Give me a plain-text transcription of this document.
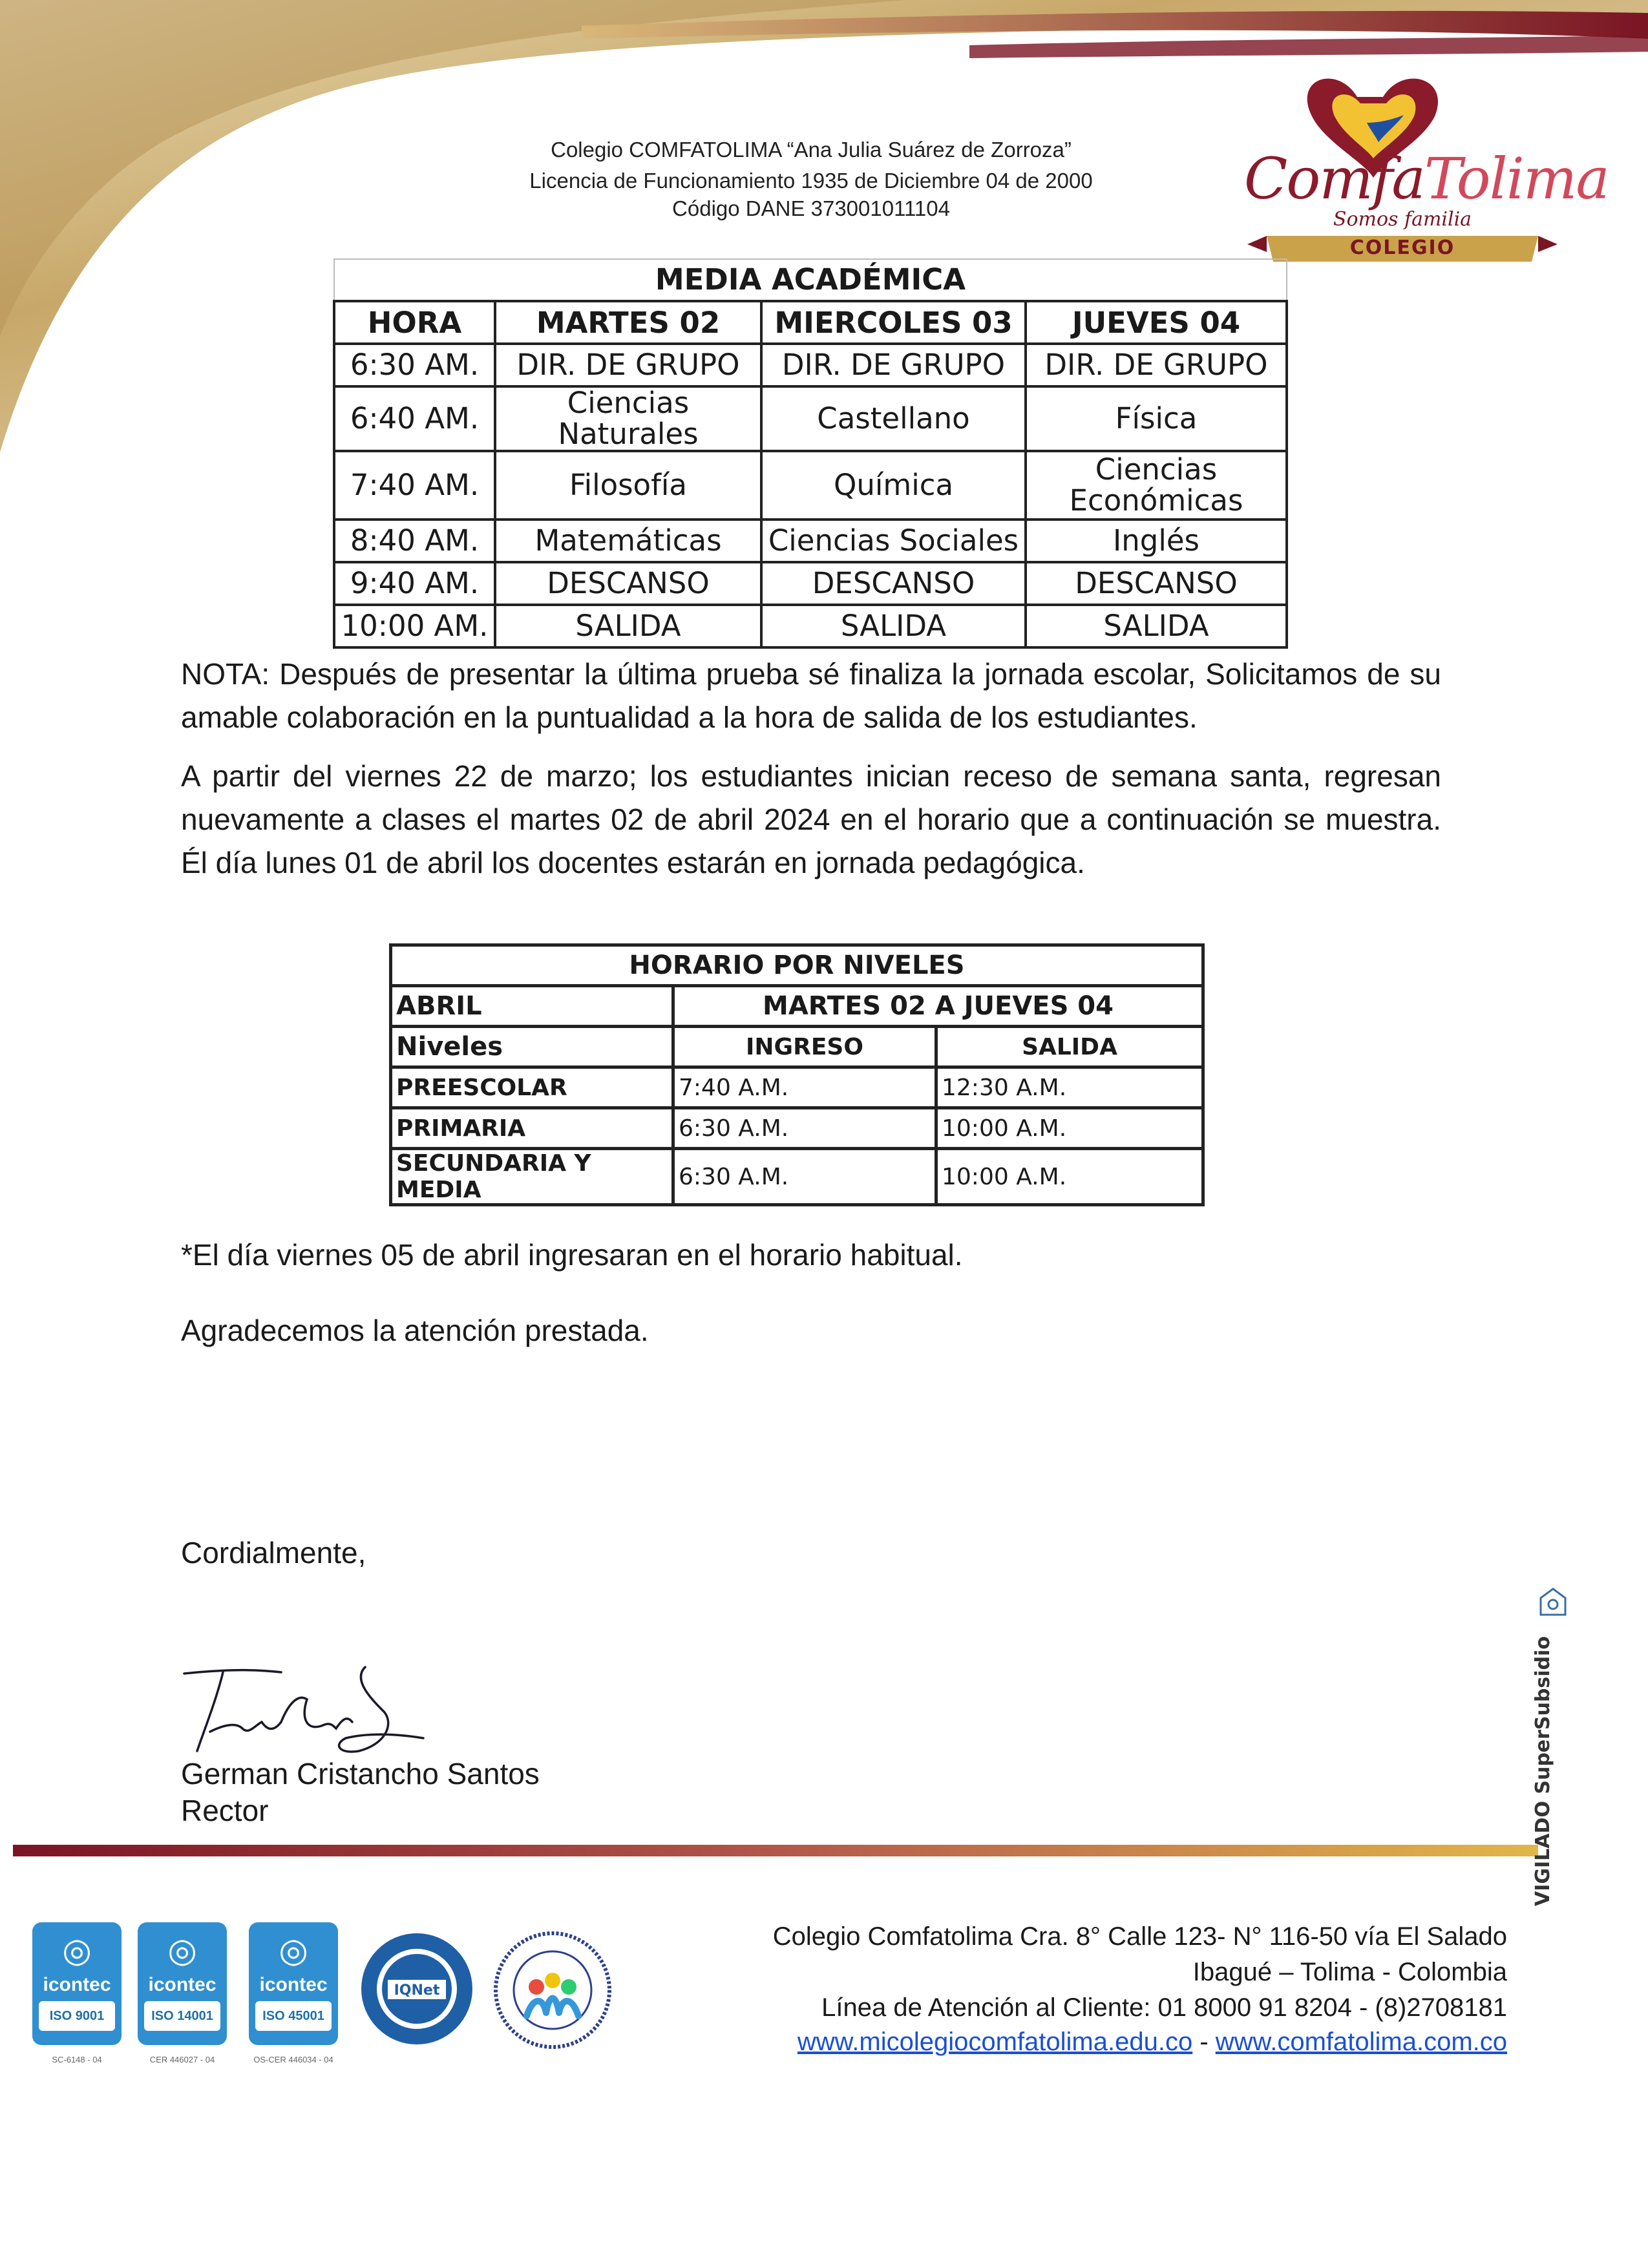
Colegio COMFATOLIMA “Ana Julia Suárez de Zorroza”
Licencia de Funcionamiento 1935 de Diciembre 04 de 2000
Código DANE 373001011104	ComfaTolima
Somos familia
COLEGIO
MEDIA ACADÉMICA			
HORA	MARTES 02	MIERCOLES 03	JUEVES 04
6:30 AM.	DIR. DE GRUPO	DIR. DE GRUPO	DIR. DE GRUPO
6:40 AM.	Ciencias Naturales	Castellano	Física
7:40 AM.	Filosofía	Química	Ciencias Económicas
8:40 AM.	Matemáticas	Ciencias Sociales	Inglés
9:40 AM.	DESCANSO	DESCANSO	DESCANSO
10:00 AM.	SALIDA	SALIDA	SALIDA
NOTA: Después de presentar la última prueba sé finaliza la jornada escolar, Solicitamos de su amable colaboración en la puntualidad a la hora de salida de los estudiantes.
A partir del viernes 22 de marzo; los estudiantes inician receso de semana santa, regresan nuevamente a clases el martes 02 de abril 2024 en el horario que a continuación se muestra. Él día lunes 01 de abril los docentes estarán en jornada pedagógica.
HORARIO POR NIVELES		
ABRIL	MARTES 02 A JUEVES 04	
Niveles	INGRESO	SALIDA
PREESCOLAR	7:40 A.M.	12:30 A.M.
PRIMARIA	6:30 A.M.	10:00 A.M.
SECUNDARIA Y MEDIA	6:30 A.M.	10:00 A.M.
*El día viernes 05 de abril ingresaran en el horario habitual.
Agradecemos la atención prestada.
Cordialmente,
German Cristancho Santos
Rector	VIGILADO SuperSubsidio
◎
icontec
ISO 9001
SC-6148 - 04
◎
icontec
ISO 14001
CER 446027 - 04
◎
icontec
ISO 45001
OS-CER 446034 - 04
IQNet
Colegio Comfatolima Cra. 8° Calle 123- N° 116-50 vía El Salado
Ibagué – Tolima - Colombia
Línea de Atención al Cliente: 01 8000 91 8204 - (8)2708181
www.micolegiocomfatolima.edu.co - www.comfatolima.com.co
